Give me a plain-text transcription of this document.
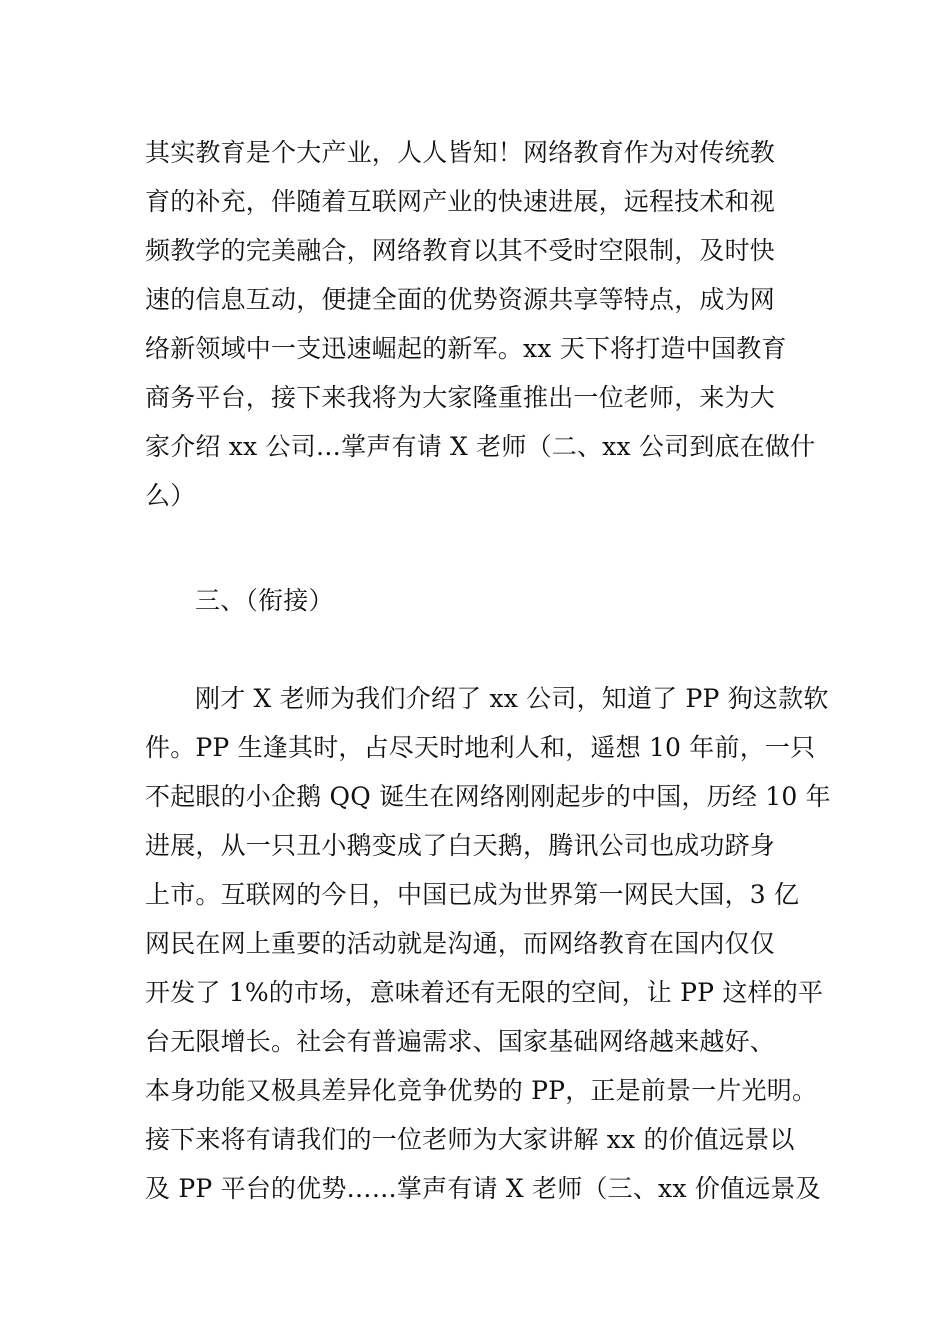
其实教育是个大产业，人人皆知！网络教育作为对传统教
育的补充，伴随着互联网产业的快速进展，远程技术和视
频教学的完美融合，网络教育以其不受时空限制，及时快
速的信息互动，便捷全面的优势资源共享等特点，成为网
络新领域中一支迅速崛起的新军。xx 天下将打造中国教育
商务平台，接下来我将为大家隆重推出一位老师，来为大
家介绍 xx 公司…掌声有请 X 老师（二、xx 公司到底在做什
么）
三、（衔接）
刚才 X 老师为我们介绍了 xx 公司，知道了 PP 狗这款软
件。PP 生逢其时，占尽天时地利人和，遥想 10 年前，一只
不起眼的小企鹅 QQ 诞生在网络刚刚起步的中国，历经 10 年
进展，从一只丑小鹅变成了白天鹅，腾讯公司也成功跻身
上市。互联网的今日，中国已成为世界第一网民大国，3 亿
网民在网上重要的活动就是沟通，而网络教育在国内仅仅
开发了 1%的市场，意味着还有无限的空间，让 PP 这样的平
台无限增长。社会有普遍需求、国家基础网络越来越好、
本身功能又极具差异化竞争优势的 PP，正是前景一片光明。
接下来将有请我们的一位老师为大家讲解 xx 的价值远景以
及 PP 平台的优势……掌声有请 X 老师（三、xx 价值远景及
